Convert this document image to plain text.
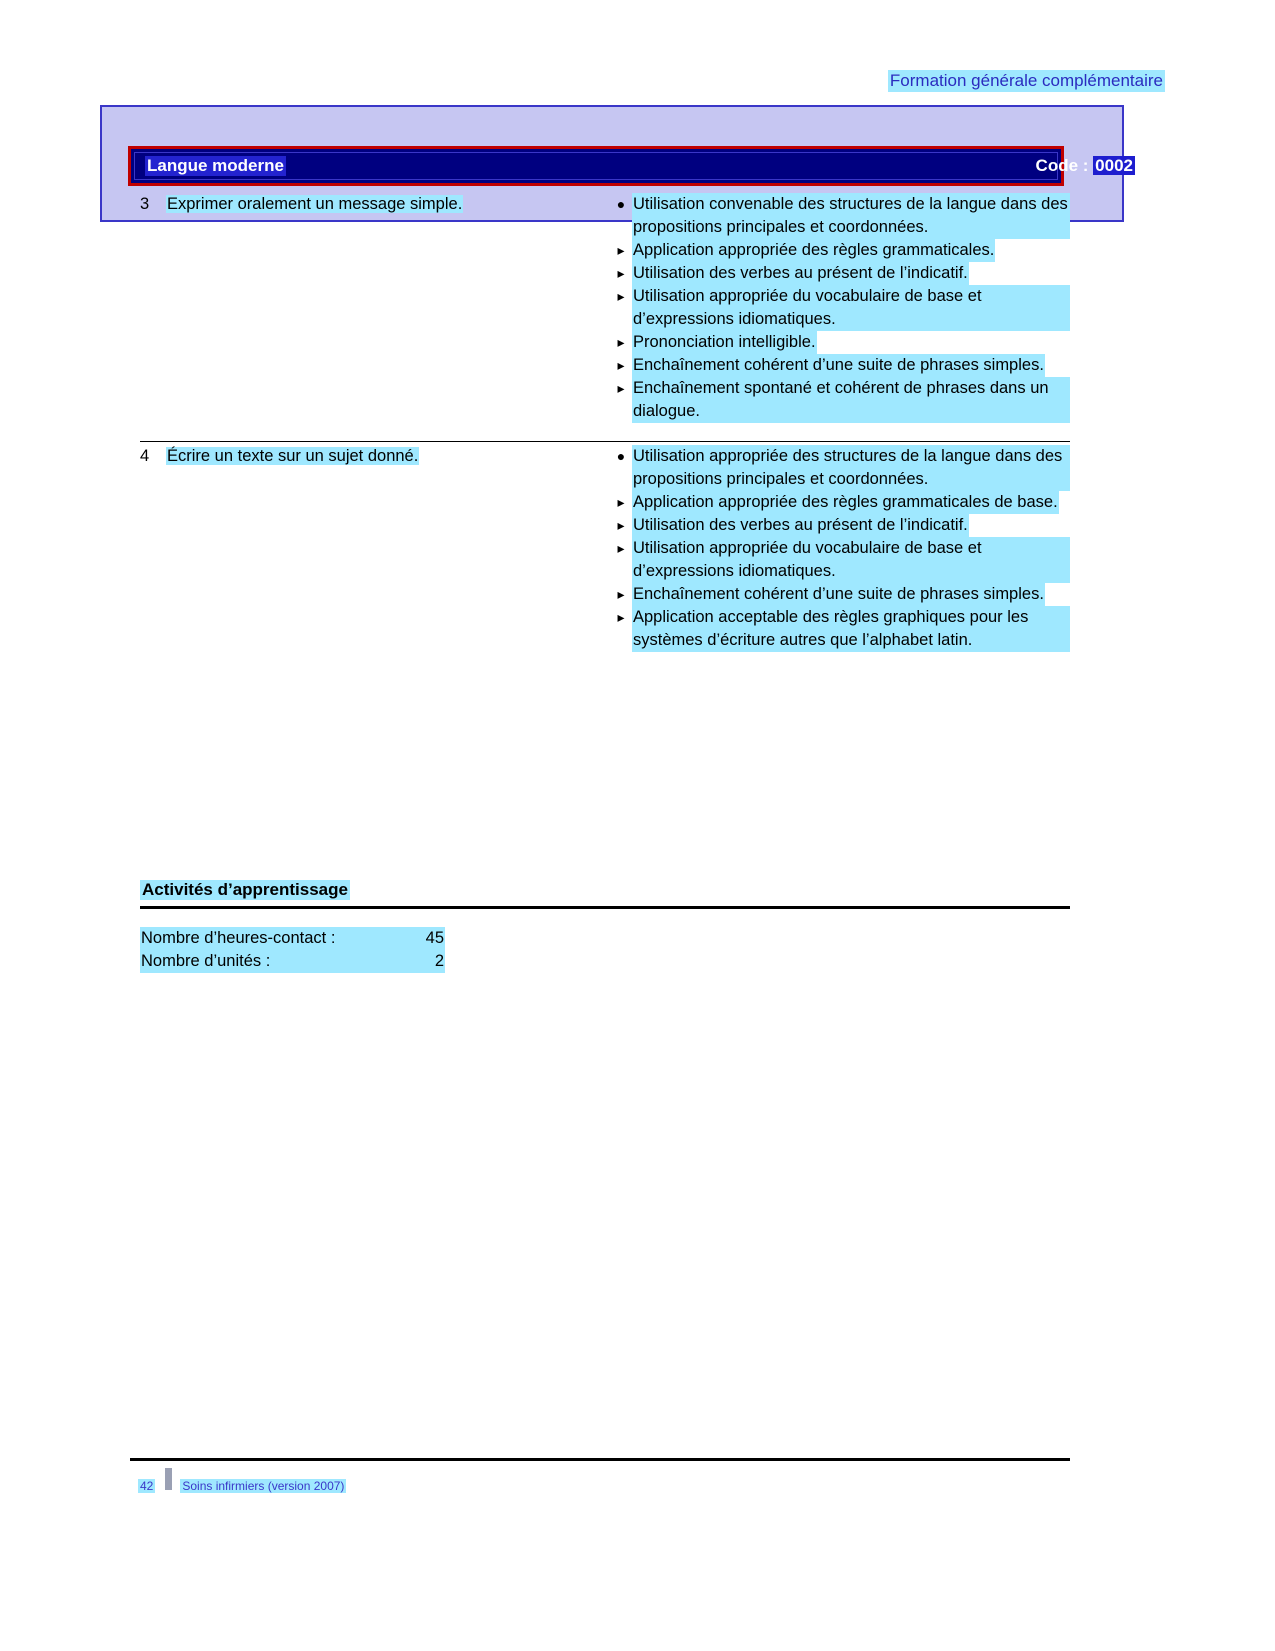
Formation générale complémentaire
Langue moderne	Code : 0002
3 Exprimer oralement un message simple.	● Utilisation convenable des structures de la langue dans des propositions principales et coordonnées.
▸ Application appropriée des règles grammaticales.
▸ Utilisation des verbes au présent de l’indicatif.
▸ Utilisation appropriée du vocabulaire de base et d’expressions idiomatiques.
▸ Prononciation intelligible.
▸ Enchaînement cohérent d’une suite de phrases simples.
▸ Enchaînement spontané et cohérent de phrases dans un dialogue.
4 Écrire un texte sur un sujet donné.	● Utilisation appropriée des structures de la langue dans des propositions principales et coordonnées.
▸ Application appropriée des règles grammaticales de base.
▸ Utilisation des verbes au présent de l’indicatif.
▸ Utilisation appropriée du vocabulaire de base et d’expressions idiomatiques.
▸ Enchaînement cohérent d’une suite de phrases simples.
▸ Application acceptable des règles graphiques pour les systèmes d’écriture autres que l’alphabet latin.
Activités d’apprentissage
Nombre d’heures-contact :	45
Nombre d’unités :	2
42 Soins infirmiers (version 2007)
